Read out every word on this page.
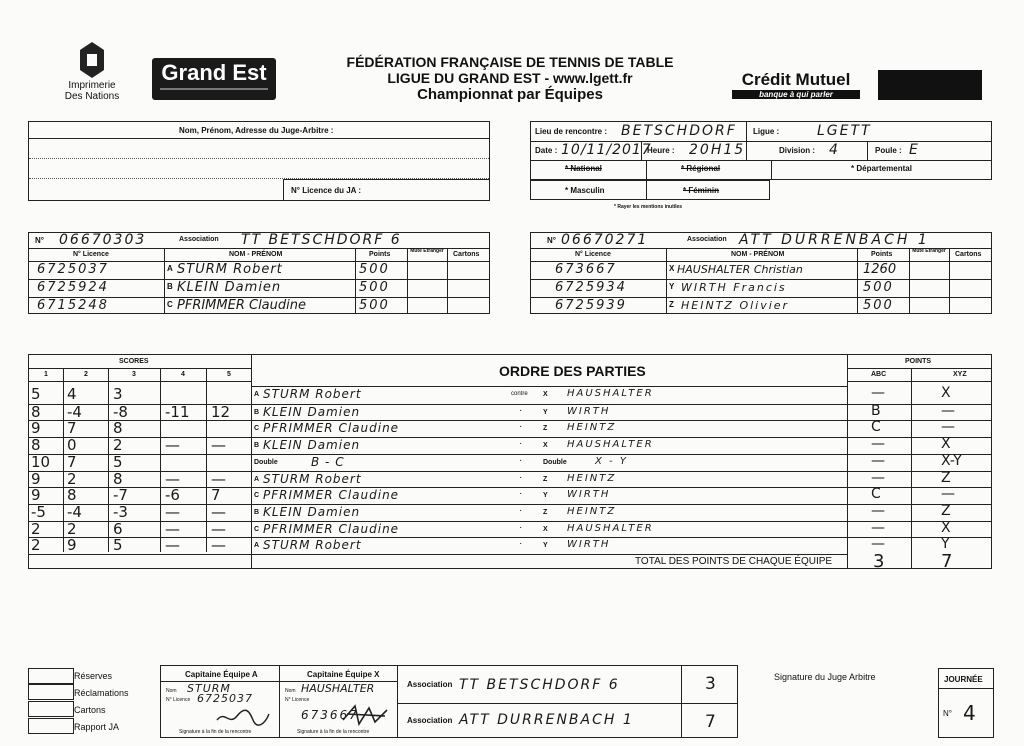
Imprimerie
Des Nations
Grand Est	FÉDÉRATION FRANÇAISE DE TENNIS DE TABLE
LIGUE DU GRAND EST - www.lgett.fr
Championnat par Équipes
Crédit Mutuel
banque à qui parler
Nom, Prénom, Adresse du Juge-Arbitre :
N° Licence du JA :
Lieu de rencontre : BETSCHDORF Ligue :	LGETT
Date : 10/11/2017
Heure : 20H15	Division : 4	Poule : E
* National	* Régional	* Départemental
* Masculin	* Féminin
* Rayer les mentions inutiles
N° 06670303	Association TT BETSCHDORF 6
N° Licence	NOM - PRÉNOM	Points	Muté Etranger Cartons
6725037	A STURM Robert	500
6725924	B KLEIN Damien	500
6715248	C PFRIMMER Claudine	500
N° 06670271	Association ATT DURRENBACH 1
N° Licence	NOM - PRÉNOM	Points	Muté Etranger Cartons
673667	X HAUSHALTER Christian	1260
6725934	Y WIRTH Francis	500
6725939	Z HEINTZ Olivier	500
SCORES
ORDRE DES PARTIES
POINTS
ABC	XYZ
1	2	3	4	5
5 4 3	A STURM Robert	contre X HAUSHALTER	—	X
8 -4 -8 -11 12	B KLEIN Damien	·	Y WIRTH	B	—
9 7 8	C PFRIMMER Claudine	·	Z HEINTZ	C	—
8 0 2	— —	B KLEIN Damien	·	X HAUSHALTER	—	X
10 7 5	Double	B - C	·	Double	X - Y	—	X-Y
9 2 8	— —	A STURM Robert	·	Z HEINTZ	—	Z
9 8 -7 -6 7	C PFRIMMER Claudine	·	Y WIRTH	C	—
-5 -4 -3 — —	B KLEIN Damien	·	Z HEINTZ	—	Z
2 2 6	— —	C PFRIMMER Claudine	·	X HAUSHALTER	—	X
2 9 5	— —	A STURM Robert	·	Y WIRTH	—	Y
TOTAL DES POINTS DE CHAQUE ÉQUIPE 3	7
Réserves
Réclamations
Cartons
Rapport JA
Capitaine Équipe A	Capitaine Équipe X
Nom STURM
N° Licence 6725037
Signature à la fin de la rencontre
Nom HAUSHALTER
N° Licence
673667
Signature à la fin de la rencontre
Association TT BETSCHDORF 6	3
Association ATT DURRENBACH 1	7
Signature du Juge Arbitre	JOURNÉE
N° 4
